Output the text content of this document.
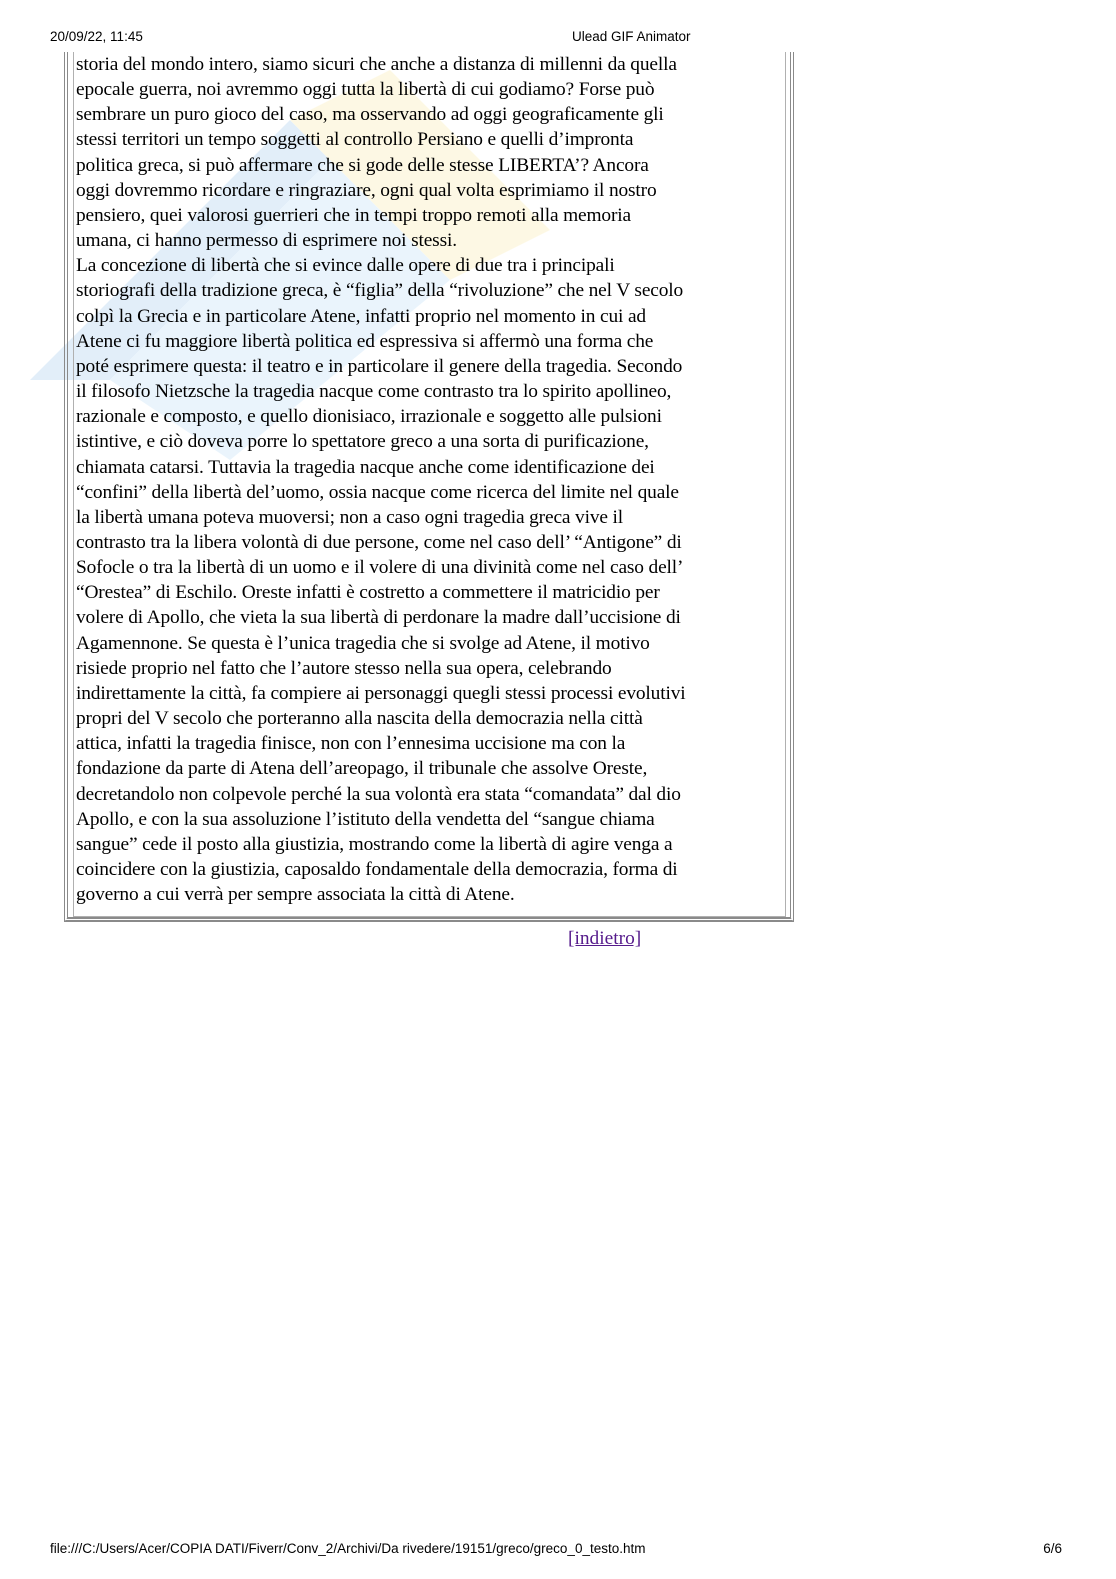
20/09/22, 11:45	Ulead GIF Animator
storia del mondo intero, siamo sicuri che anche a distanza di millenni da quella
epocale guerra, noi avremmo oggi tutta la libertà di cui godiamo? Forse può
sembrare un puro gioco del caso, ma osservando ad oggi geograficamente gli
stessi territori un tempo soggetti al controllo Persiano e quelli d’impronta
politica greca, si può affermare che si gode delle stesse LIBERTA’? Ancora
oggi dovremmo ricordare e ringraziare, ogni qual volta esprimiamo il nostro
pensiero, quei valorosi guerrieri che in tempi troppo remoti alla memoria
umana, ci hanno permesso di esprimere noi stessi.
La concezione di libertà che si evince dalle opere di due tra i principali
storiografi della tradizione greca, è “figlia” della “rivoluzione” che nel V secolo
colpì la Grecia e in particolare Atene, infatti proprio nel momento in cui ad
Atene ci fu maggiore libertà politica ed espressiva si affermò una forma che
poté esprimere questa: il teatro e in particolare il genere della tragedia. Secondo
il filosofo Nietzsche la tragedia nacque come contrasto tra lo spirito apollineo,
razionale e composto, e quello dionisiaco, irrazionale e soggetto alle pulsioni
istintive, e ciò doveva porre lo spettatore greco a una sorta di purificazione,
chiamata catarsi. Tuttavia la tragedia nacque anche come identificazione dei
“confini” della libertà del’uomo, ossia nacque come ricerca del limite nel quale
la libertà umana poteva muoversi; non a caso ogni tragedia greca vive il
contrasto tra la libera volontà di due persone, come nel caso dell’ “Antigone” di
Sofocle o tra la libertà di un uomo e il volere di una divinità come nel caso dell’
“Orestea” di Eschilo. Oreste infatti è costretto a commettere il matricidio per
volere di Apollo, che vieta la sua libertà di perdonare la madre dall’uccisione di
Agamennone. Se questa è l’unica tragedia che si svolge ad Atene, il motivo
risiede proprio nel fatto che l’autore stesso nella sua opera, celebrando
indirettamente la città, fa compiere ai personaggi quegli stessi processi evolutivi
propri del V secolo che porteranno alla nascita della democrazia nella città
attica, infatti la tragedia finisce, non con l’ennesima uccisione ma con la
fondazione da parte di Atena dell’areopago, il tribunale che assolve Oreste,
decretandolo non colpevole perché la sua volontà era stata “comandata” dal dio
Apollo, e con la sua assoluzione l’istituto della vendetta del “sangue chiama
sangue” cede il posto alla giustizia, mostrando come la libertà di agire venga a
coincidere con la giustizia, caposaldo fondamentale della democrazia, forma di
governo a cui verrà per sempre associata la città di Atene.
[indietro]
file:///C:/Users/Acer/COPIA DATI/Fiverr/Conv_2/Archivi/Da rivedere/19151/greco/greco_0_testo.htm	6/6
